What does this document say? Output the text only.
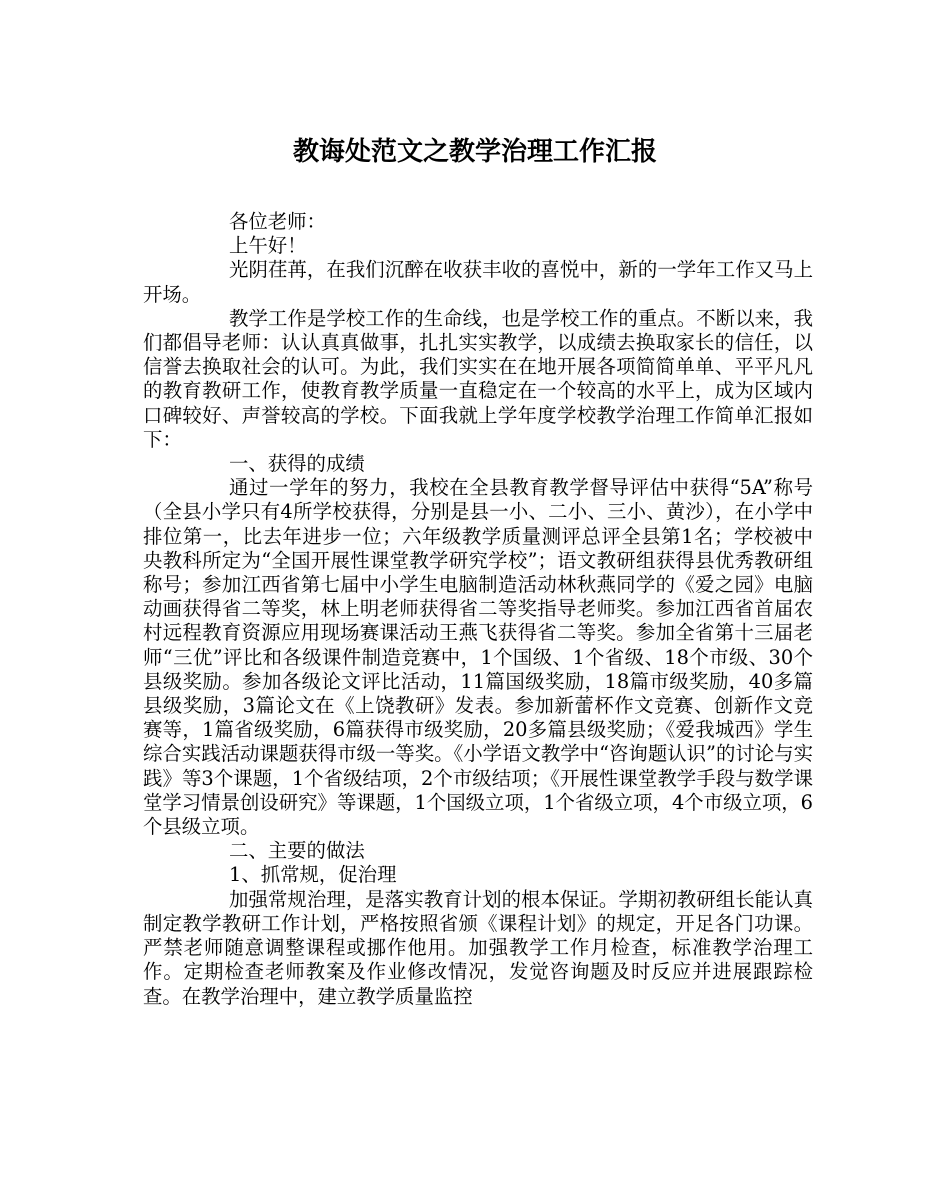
教诲处范文之教学治理工作汇报

各位老师：

上午好！

光阴荏苒，在我们沉醉在收获丰收的喜悦中，新的一学年工作又马上开场。

教学工作是学校工作的生命线，也是学校工作的重点。不断以来，我们都倡导老师：认认真真做事，扎扎实实教学，以成绩去换取家长的信任，以信誉去换取社会的认可。为此，我们实实在在地开展各项简简单单、平平凡凡的教育教研工作，使教育教学质量一直稳定在一个较高的水平上，成为区域内口碑较好、声誉较高的学校。下面我就上学年度学校教学治理工作简单汇报如下：

一、获得的成绩

通过一学年的努力，我校在全县教育教学督导评估中获得“5A”称号（全县小学只有4所学校获得，分别是县一小、二小、三小、黄沙），在小学中排位第一，比去年进步一位；六年级教学质量测评总评全县第1名；学校被中央教科所定为“全国开展性课堂教学研究学校”；语文教研组获得县优秀教研组称号；参加江西省第七届中小学生电脑制造活动林秋燕同学的《爱之园》电脑动画获得省二等奖，林上明老师获得省二等奖指导老师奖。参加江西省首届农村远程教育资源应用现场赛课活动王燕飞获得省二等奖。参加全省第十三届老师“三优”评比和各级课件制造竞赛中，1个国级、1个省级、18个市级、30个县级奖励。参加各级论文评比活动，11篇国级奖励，18篇市级奖励，40多篇县级奖励，3篇论文在《上饶教研》发表。参加新蕾杯作文竞赛、创新作文竞赛等，1篇省级奖励，6篇获得市级奖励，20多篇县级奖励；《爱我城西》学生综合实践活动课题获得市级一等奖。《小学语文教学中“咨询题认识”的讨论与实践》等3个课题，1个省级结项，2个市级结项；《开展性课堂教学手段与数学课堂学习情景创设研究》等课题，1个国级立项，1个省级立项，4个市级立项，6个县级立项。

二、主要的做法

1、抓常规，促治理

加强常规治理，是落实教育计划的根本保证。学期初教研组长能认真制定教学教研工作计划，严格按照省颁《课程计划》的规定，开足各门功课。严禁老师随意调整课程或挪作他用。加强教学工作月检查，标准教学治理工作。定期检查老师教案及作业修改情况，发觉咨询题及时反应并进展跟踪检查。在教学治理中，建立教学质量监控
